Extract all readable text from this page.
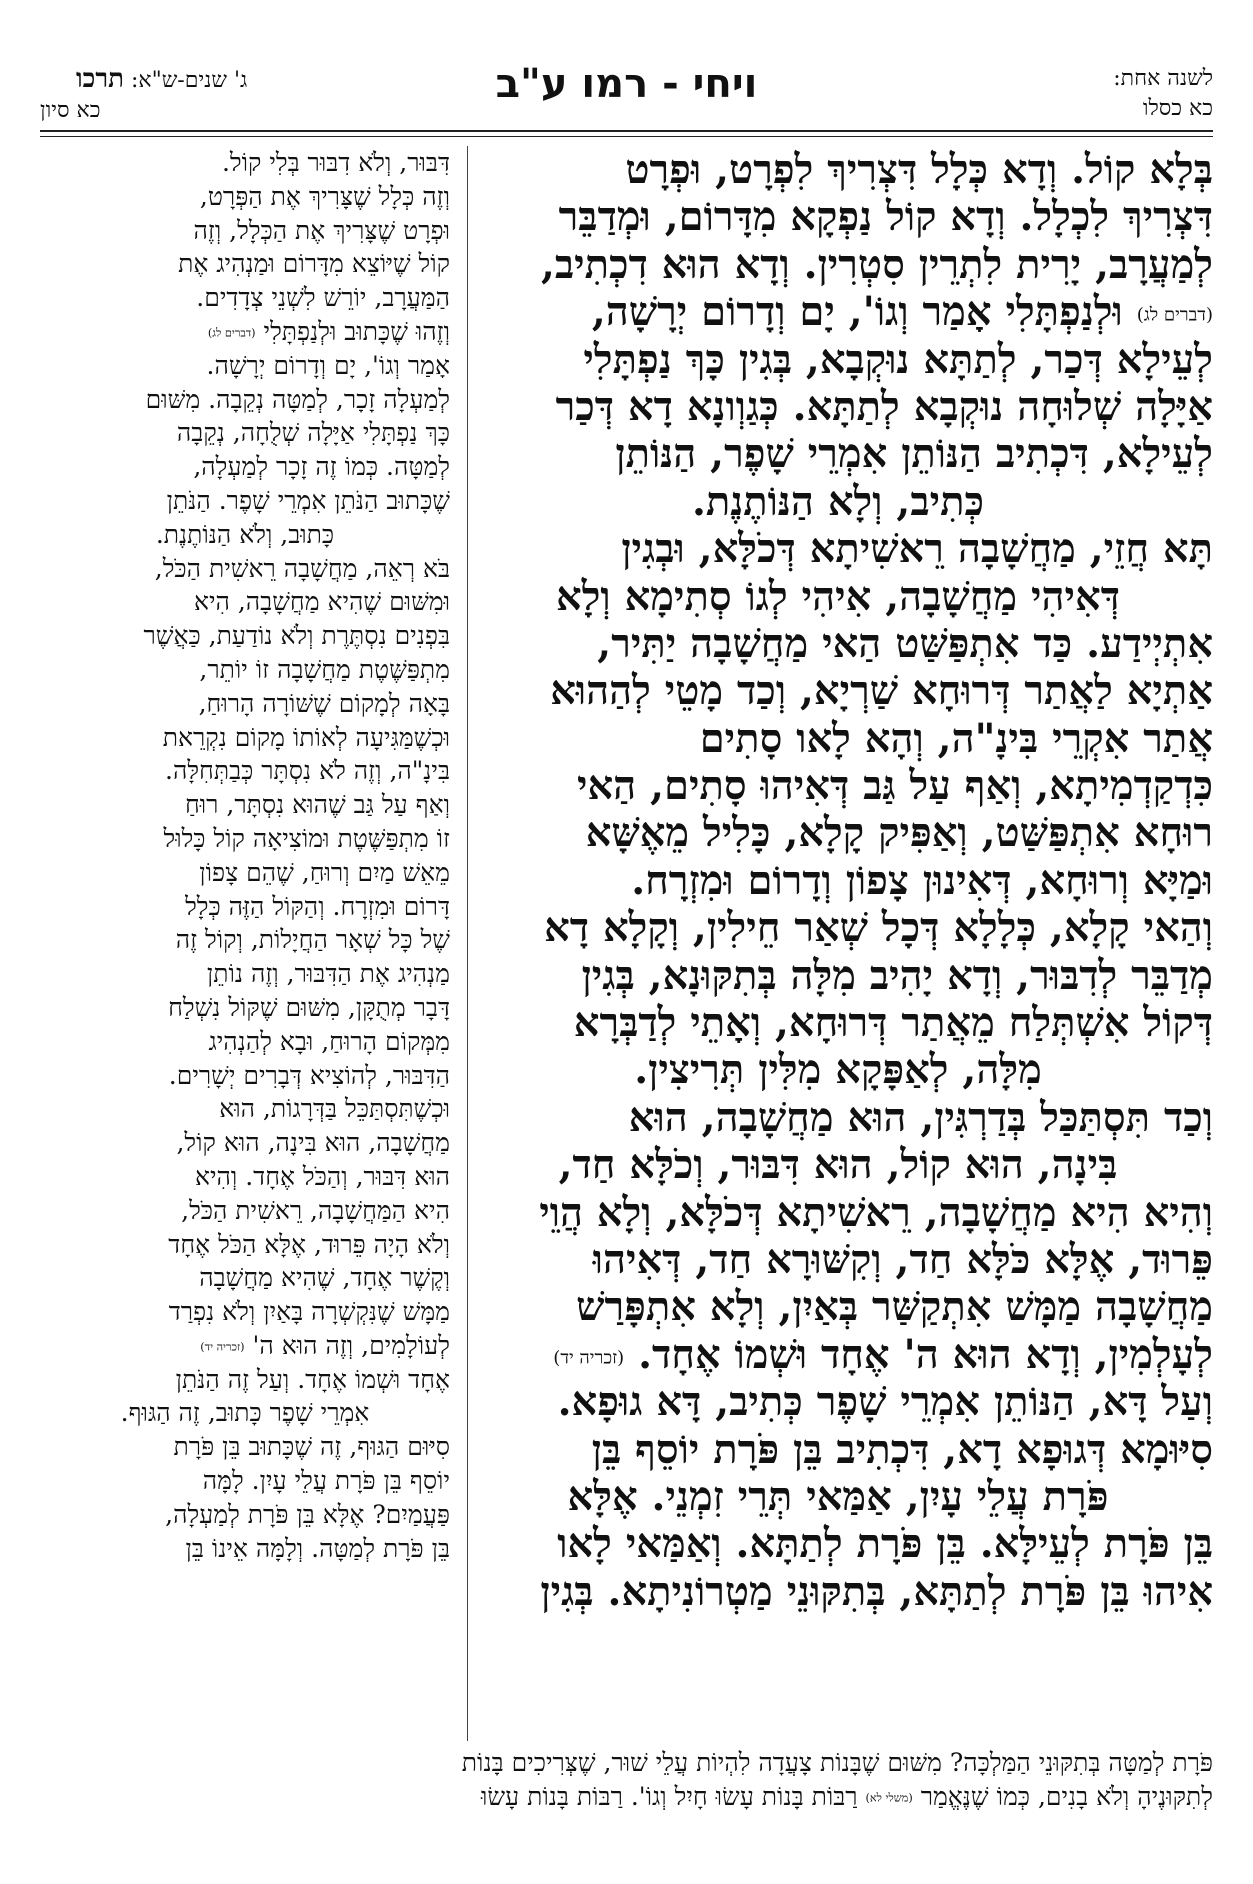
לשנה אחת:
כא כסלו
ויחי - רמו ע"ב
ג' שנים-ש"א: תרכו
כא סיון
בְּלָא קוֹל. וְדָא כְּלָל דִּצְרִיךְ לִפְרָט, וּפְרָט
דִּצְרִיךְ לִכְלָל. וְדָא קוֹל נַפְקָא מִדָּרוֹם, וּמְדַבֵּר
לְמַעֲרָב, יָרִית לִתְרֵין סִטְרִין. וְדָא הוּא דִכְתִיב,
(דברים לג) וּלְנַפְתָּלִי אָמַר וְגוֹ', יָם וְדָרוֹם יְרָשָׁה,
לְעֵילָא דְּכַר, לְתַתָּא נוּקְבָא, בְּגִין כָּךְ נַפְתָּלִי
אַיָּלָה שְׁלוּחָה נוּקְבָא לְתַתָּא. כְּגַוְונָא דָא דְּכַר
לְעֵילָא, דִּכְתִיב הַנּוֹתֵן אִמְרֵי שָׁפֶר, הַנּוֹתֵן
כְּתִיב, וְלָא הַנּוֹתֶנֶת.
תָּא חֲזֵי, מַחֲשָׁבָה רֵאשִׁיתָא דְּכֹלָּא, וּבְגִין
דְּאִיהִי מַחֲשָׁבָה, אִיהִי לְגוֹ סְתִימָא וְלָא
אִתְיְידַע. כַּד אִתְפַּשַּׁט הַאי מַחֲשָׁבָה יַתִּיר,
אַתְיָא לַאֲתַר דְּרוּחָא שַׁרְיָא, וְכַד מָטֵי לְהַהוּא
אֲתַר אִקְרֵי בִּינָ"ה, וְהָא לָאו סָתִים
כִּדְקַדְמִיתָא, וְאַף עַל גַּב דְּאִיהוּ סָתִים, הַאי
רוּחָא אִתְפַּשַּׁט, וְאַפִּיק קָלָא, כָּלִיל מֵאֶשָּׁא
וּמַיָּא וְרוּחָא, דְּאִינוּן צָפוֹן וְדָרוֹם וּמִזְרָח.
וְהַאי קָלָא, כְּלָלָא דְּכָל שְׁאַר חֵילִין, וְקָלָא דָא
מְדַבֵּר לְדִבּוּר, וְדָא יָהִיב מִלָּה בְּתִקּוּנָא, בְּגִין
דְּקוֹל אִשְׁתְּלַח מֵאֲתַר דְּרוּחָא, וְאָתֵי לְדַבְּרָא
מִלָּה, לְאַפָּקָא מִלִּין תְּרִיצִין.
וְכַד תִּסְתַּכַּל בְּדַרְגִּין, הוּא מַחֲשָׁבָה, הוּא
בִּינָה, הוּא קוֹל, הוּא דִּבּוּר, וְכֹלָּא חַד,
וְהִיא הִיא מַחֲשָׁבָה, רֵאשִׁיתָא דְּכֹלָּא, וְלָא הֲוֵי
פֵּרוּד, אֶלָּא כֹּלָּא חַד, וְקִשּׁוּרָא חַד, דְּאִיהוּ
מַחֲשָׁבָה מַמָּשׁ אִתְקַשַּׁר בְּאַיִן, וְלָא אִתְפָּרַשׁ
לְעָלְמִין, וְדָא הוּא ה' אֶחָד וּשְׁמוֹ אֶחָד. (זכריה יד)
וְעַל דָּא, הַנּוֹתֵן אִמְרֵי שָׁפֶר כְּתִיב, דָּא גוּפָא.
סִיּוּמָא דְּגוּפָא דָא, דִּכְתִיב בֵּן פֹּרָת יוֹסֵף בֵּן
פֹּרָת עֲלֵי עָיִן, אַמַּאי תְּרֵי זִמְנֵי. אֶלָּא
בֵּן פֹּרָת לְעֵילָּא. בֵּן פֹּרָת לְתַתָּא. וְאַמַּאי לָאו
אִיהוּ בֵּן פֹּרָת לְתַתָּא, בְּתִקּוּנֵי מַטְרוֹנִיתָא. בְּגִין
דִּבּוּר, וְלֹא דִבּוּר בְּלִי קוֹל.
וְזֶה כְּלָל שֶׁצָּרִיךְ אֶת הַפְּרָט,
וּפְרָט שֶׁצָּרִיךְ אֶת הַכְּלָל, וְזֶה
קוֹל שֶׁיּוֹצֵא מִדָּרוֹם וּמַנְהִיג אֶת
הַמַּעֲרָב, יוֹרֵשׁ לִשְׁנֵי צְדָדִים.
וְזֶהוּ שֶׁכָּתוּב וּלְנַפְתָּלִי (דברים לג)
אָמַר וְגוֹ', יָם וְדָרוֹם יְרָשָׁה.
לְמַעְלָה זָכָר, לְמַטָּה נְקֵבָה. מִשּׁוּם
כָּךְ נַפְתָּלִי אַיָּלָה שְׁלֻחָה, נְקֵבָה
לְמַטָּה. כְּמוֹ זֶה זָכָר לְמַעְלָה,
שֶׁכָּתוּב הַנֹּתֵן אִמְרֵי שָׁפֶר. הַנֹּתֵן
כָּתוּב, וְלֹא הַנּוֹתֶנֶת.
בֹּא רְאֵה, מַחֲשָׁבָה רֵאשִׁית הַכֹּל,
וּמִשּׁוּם שֶׁהִיא מַחֲשָׁבָה, הִיא
בִּפְנִים נִסְתֶּרֶת וְלֹא נוֹדַעַת, כַּאֲשֶׁר
מִתְפַּשֶּׁטֶת מַחֲשָׁבָה זוֹ יוֹתֵר,
בָּאָה לְמָקוֹם שֶׁשּׁוֹרָה הָרוּחַ,
וּכְשֶׁמַּגִּיעָה לְאוֹתוֹ מָקוֹם נִקְרֵאת
בִּינָ"ה, וְזֶה לֹא נִסְתָּר כְּבַתְּחִלָּה.
וְאַף עַל גַּב שֶׁהוּא נִסְתָּר, רוּחַ
זוֹ מִתְפַּשֶּׁטֶת וּמוֹצִיאָה קוֹל כָּלוּל
מֵאֵשׁ מַיִם וְרוּחַ, שֶׁהֵם צָפוֹן
דָּרוֹם וּמִזְרָח. וְהַקּוֹל הַזֶּה כְּלָל
שֶׁל כָּל שְׁאָר הַחֲיָלוֹת, וְקוֹל זֶה
מַנְהִיג אֶת הַדִּבּוּר, וְזֶה נוֹתֵן
דָּבָר מְתֻקָּן, מִשּׁוּם שֶׁקּוֹל נִשְׁלַח
מִמְּקוֹם הָרוּחַ, וּבָא לְהַנְהִיג
הַדִּבּוּר, לְהוֹצִיא דְּבָרִים יְשָׁרִים.
וּכְשֶׁתִּסְתַּכֵּל בַּדְּרָגוֹת, הוּא
מַחֲשָׁבָה, הוּא בִּינָה, הוּא קוֹל,
הוּא דִּבּוּר, וְהַכֹּל אֶחָד. וְהִיא
הִיא הַמַּחֲשָׁבָה, רֵאשִׁית הַכֹּל,
וְלֹא הָיָה פֵּרוּד, אֶלָּא הַכֹּל אֶחָד
וְקֶשֶׁר אֶחָד, שֶׁהִיא מַחֲשָׁבָה
מַמָּשׁ שֶׁנִּקְשְׁרָה בָּאַיִן וְלֹא נִפְרַד
לְעוֹלָמִים, וְזֶה הוּא ה' (זכריה יד)
אֶחָד וּשְׁמוֹ אֶחָד. וְעַל זֶה הַנֹּתֵן
אִמְרֵי שָׁפֶר כָּתוּב, זֶה הַגּוּף.
סִיּוּם הַגּוּף, זֶה שֶׁכָּתוּב בֵּן פֹּרָת
יוֹסֵף בֵּן פֹּרָת עֲלֵי עָיִן. לָמָּה
פַּעֲמַיִם? אֶלָּא בֵּן פֹּרָת לְמַעְלָה,
בֵּן פֹּרָת לְמַטָּה. וְלָמָּה אֵינוֹ בֵּן
פֹּרָת לְמַטָּה בְּתִקּוּנֵי הַמַּלְכָּה? מִשּׁוּם שֶׁבָּנוֹת צָעֲדָה לִהְיוֹת עֲלֵי שׁוּר, שֶׁצְּרִיכִים בָּנוֹת
לְתִקּוּנֶיהָ וְלֹא בָנִים, כְּמוֹ שֶׁנֶּאֱמַר (משלי לא) רַבּוֹת בָּנוֹת עָשׂוּ חָיִל וְגוֹ'. רַבּוֹת בָּנוֹת עָשׂוּ
